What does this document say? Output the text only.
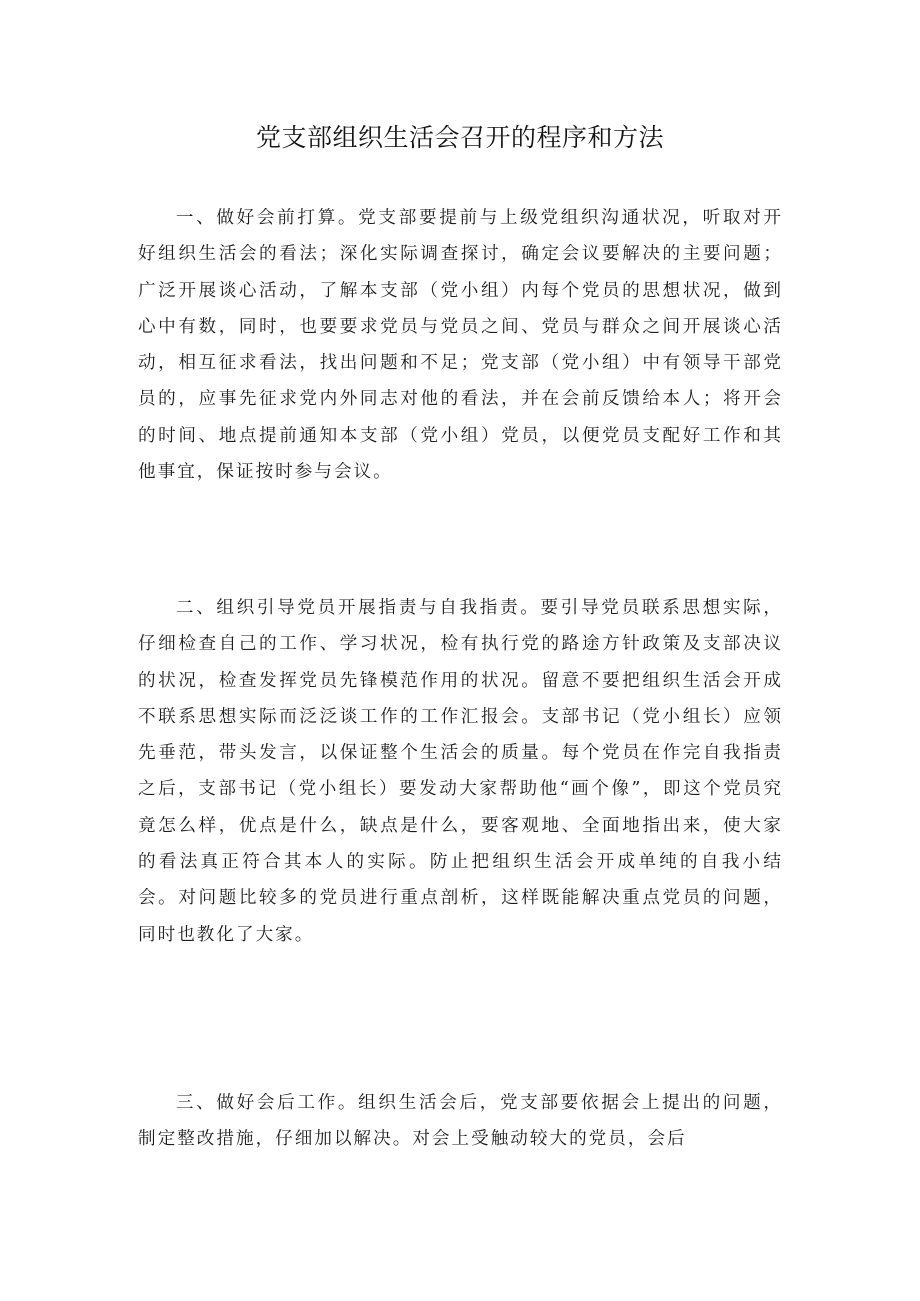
党支部组织生活会召开的程序和方法

一、做好会前打算。党支部要提前与上级党组织沟通状况，听取对开好组织生活会的看法；深化实际调查探讨，确定会议要解决的主要问题；广泛开展谈心活动，了解本支部（党小组）内每个党员的思想状况，做到心中有数，同时，也要要求党员与党员之间、党员与群众之间开展谈心活动，相互征求看法，找出问题和不足；党支部（党小组）中有领导干部党员的，应事先征求党内外同志对他的看法，并在会前反馈给本人；将开会的时间、地点提前通知本支部（党小组）党员，以便党员支配好工作和其他事宜，保证按时参与会议。

二、组织引导党员开展指责与自我指责。要引导党员联系思想实际，仔细检查自己的工作、学习状况，检有执行党的路途方针政策及支部决议的状况，检查发挥党员先锋模范作用的状况。留意不要把组织生活会开成不联系思想实际而泛泛谈工作的工作汇报会。支部书记（党小组长）应领先垂范，带头发言，以保证整个生活会的质量。每个党员在作完自我指责之后，支部书记（党小组长）要发动大家帮助他“画个像”，即这个党员究竟怎么样，优点是什么，缺点是什么，要客观地、全面地指出来，使大家的看法真正符合其本人的实际。防止把组织生活会开成单纯的自我小结会。对问题比较多的党员进行重点剖析，这样既能解决重点党员的问题，同时也教化了大家。

三、做好会后工作。组织生活会后，党支部要依据会上提出的问题，制定整改措施，仔细加以解决。对会上受触动较大的党员，会后
